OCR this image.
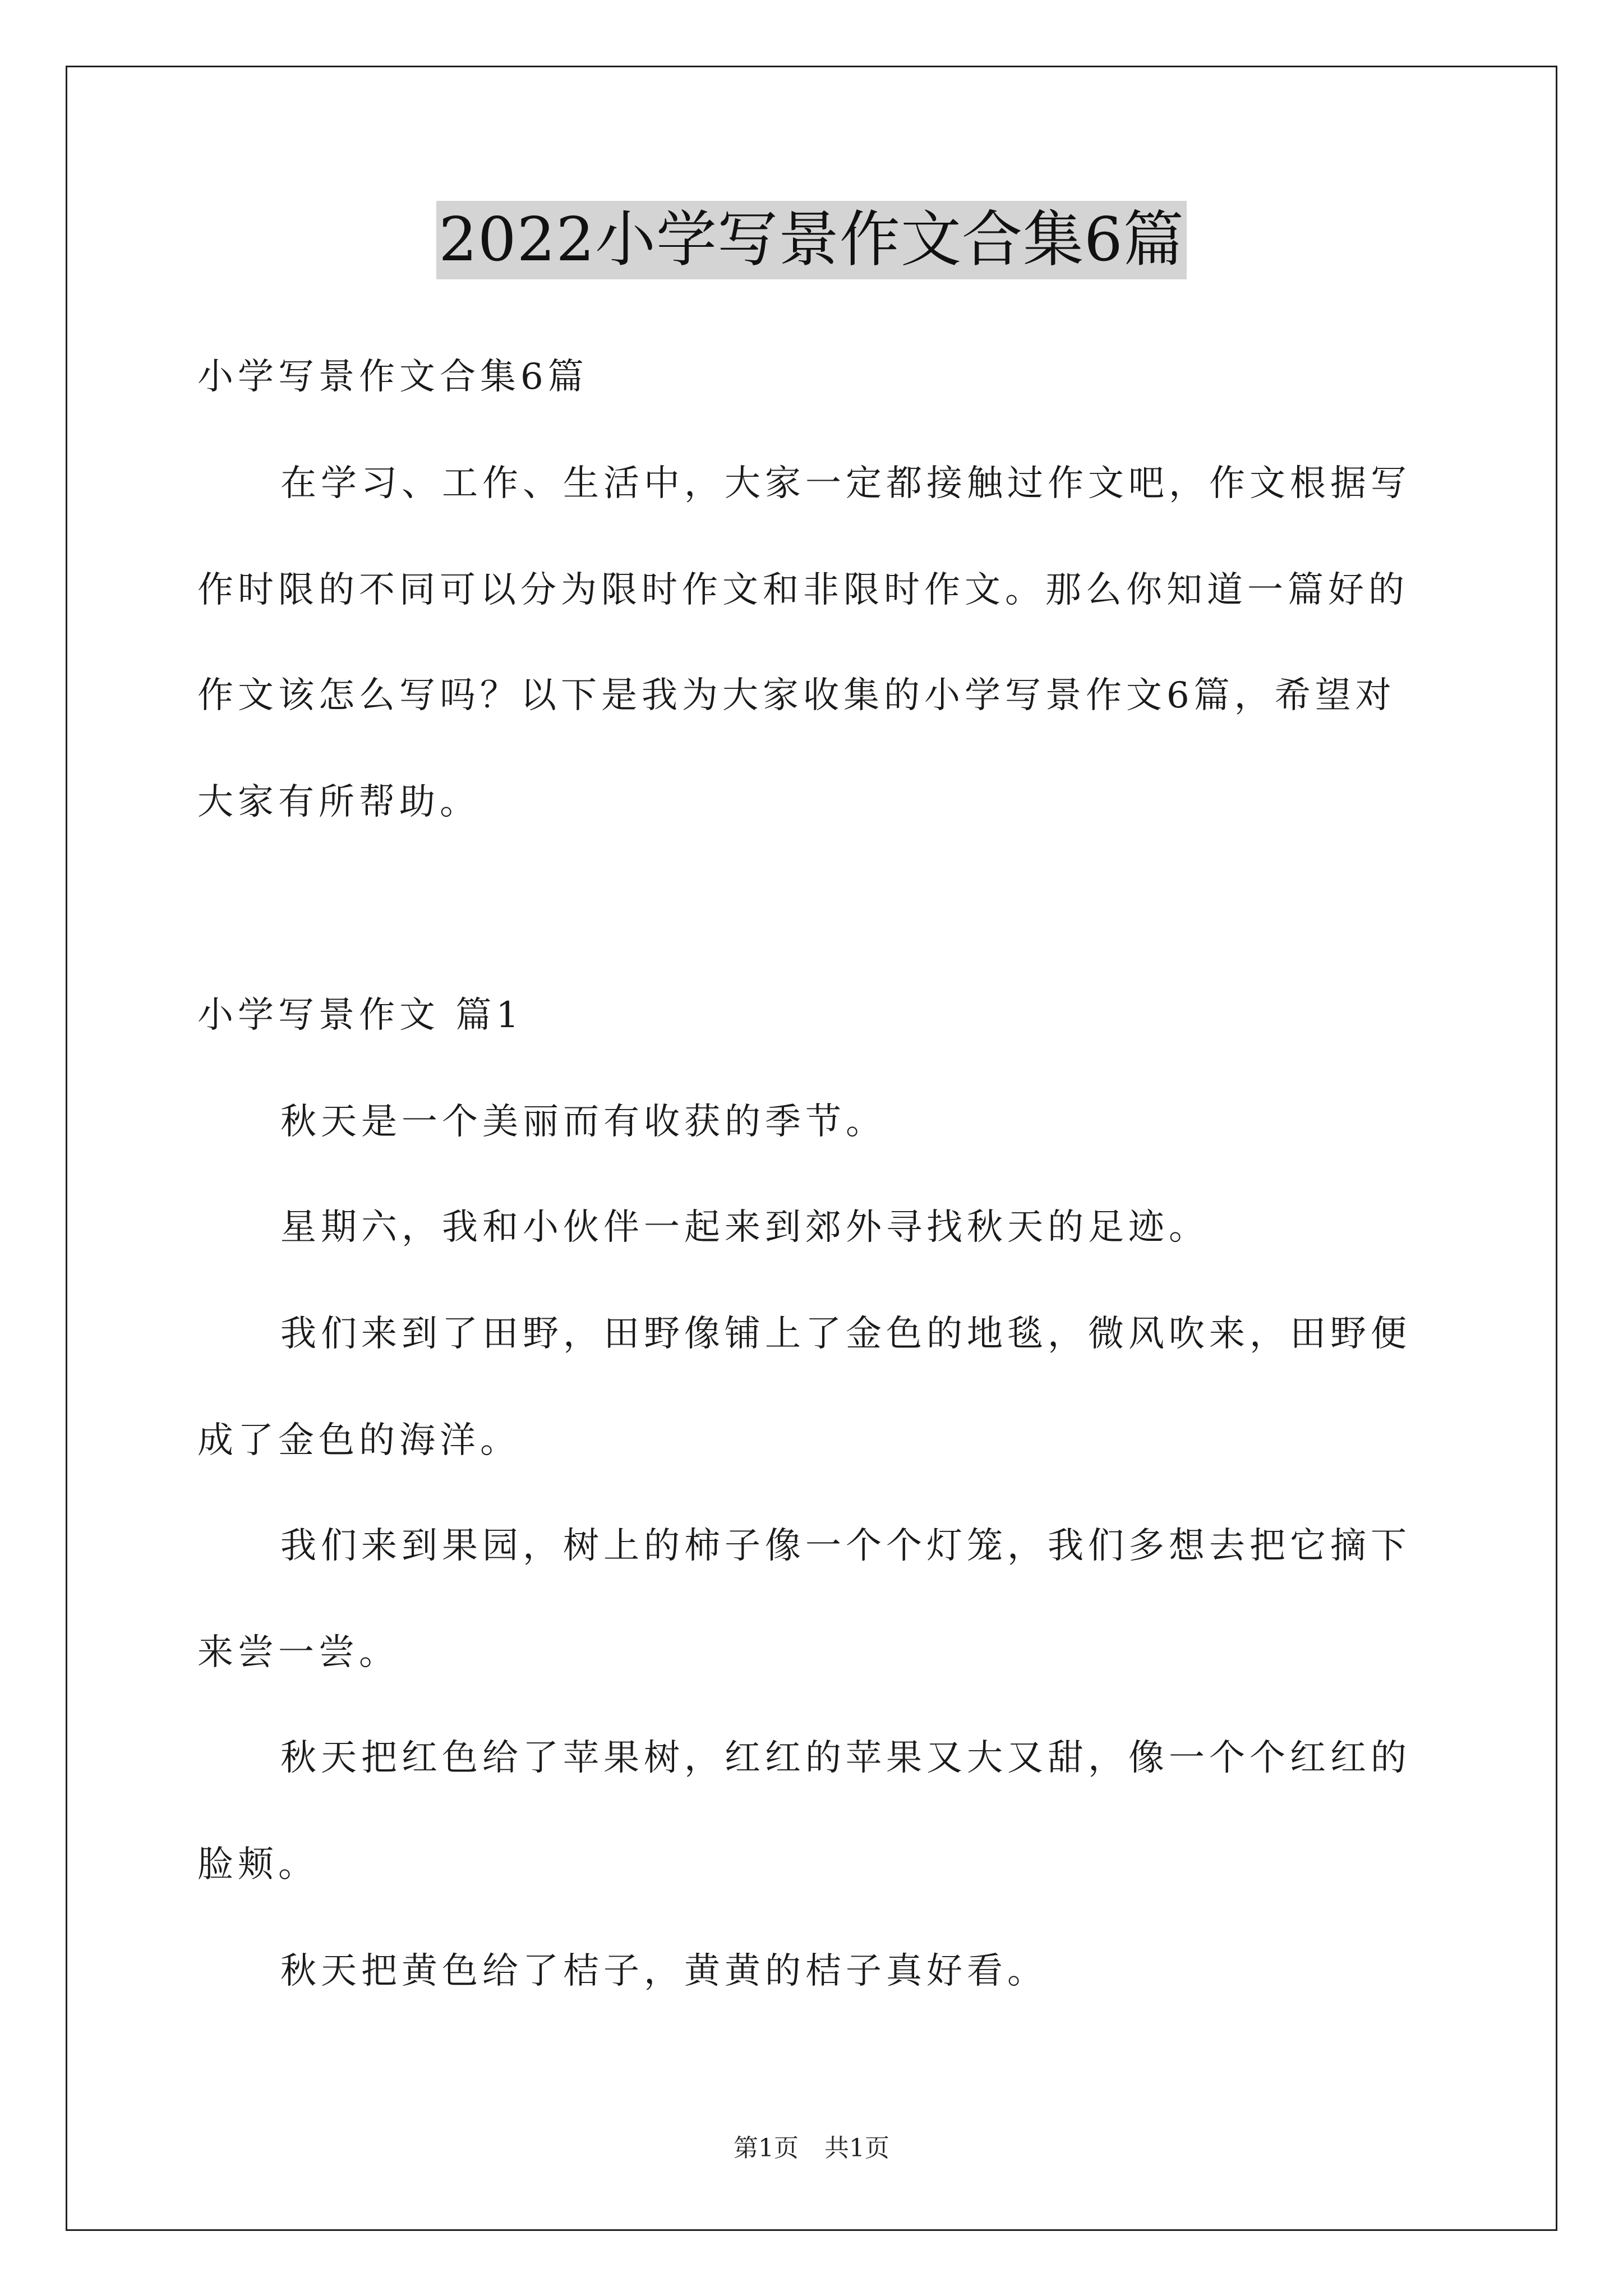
2022小学写景作文合集6篇
小学写景作文合集6篇
在学习、工作、生活中，大家一定都接触过作文吧，作文根据写
作时限的不同可以分为限时作文和非限时作文。那么你知道一篇好的
作文该怎么写吗？以下是我为大家收集的小学写景作文6篇，希望对
大家有所帮助。
小学写景作文 篇1
秋天是一个美丽而有收获的季节。
星期六，我和小伙伴一起来到郊外寻找秋天的足迹。
我们来到了田野，田野像铺上了金色的地毯，微风吹来，田野便
成了金色的海洋。
我们来到果园，树上的柿子像一个个灯笼，我们多想去把它摘下
来尝一尝。
秋天把红色给了苹果树，红红的苹果又大又甜，像一个个红红的
脸颊。
秋天把黄色给了桔子，黄黄的桔子真好看。
第1页 共1页
